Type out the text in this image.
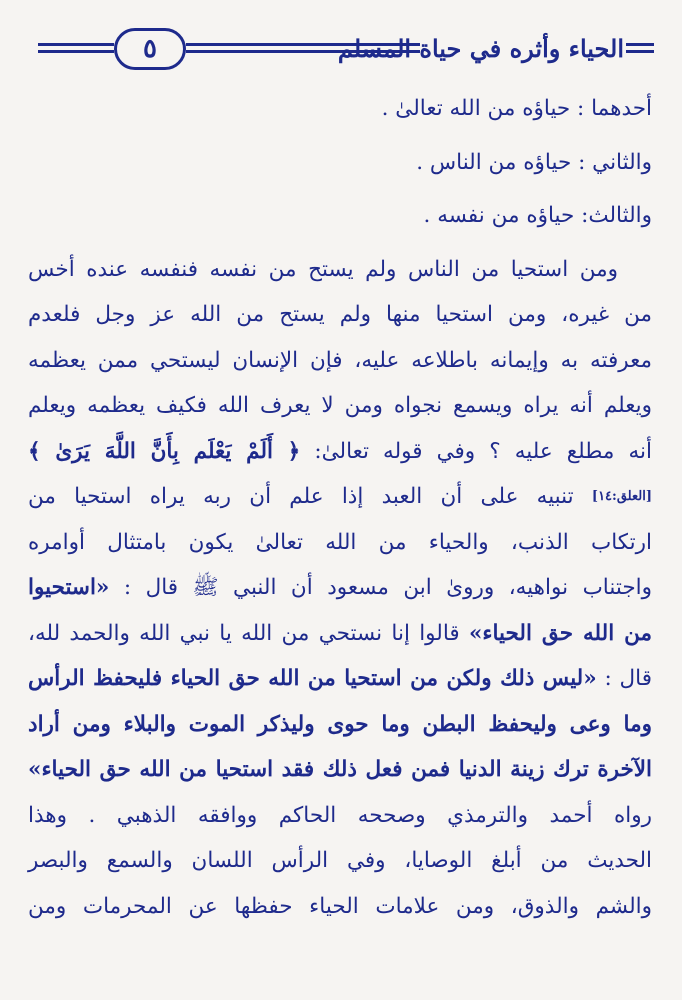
٥	الحياء وأثره في حياة المسلم
أحدهما : حياؤه من الله تعالىٰ .
والثاني : حياؤه من الناس .
والثالث: حياؤه من نفسه .
ومن استحيا من الناس ولم يستح من نفسه فنفسه عنده أخس
من غيره، ومن استحيا منها ولم يستح من الله عز وجل فلعدم
معرفته به وإيمانه باطلاعه عليه، فإن الإنسان ليستحي ممن يعظمه
ويعلم أنه يراه ويسمع نجواه ومن لا يعرف الله فكيف يعظمه ويعلم
أنه مطلع عليه ؟ وفي قوله تعالىٰ: ﴿ أَلَمْ يَعْلَم بِأَنَّ اللَّهَ يَرَىٰ ﴾
[العلق:١٤] تنبيه على أن العبد إذا علم أن ربه يراه استحيا من
ارتكاب الذنب، والحياء من الله تعالىٰ يكون بامتثال أوامره
واجتناب نواهيه، وروىٰ ابن مسعود أن النبي ﷺ قال : «استحيوا
من الله حق الحياء» قالوا إنا نستحي من الله يا نبي الله والحمد لله،
قال : «ليس ذلك ولكن من استحيا من الله حق الحياء فليحفظ الرأس
وما وعى وليحفظ البطن وما حوى وليذكر الموت والبلاء ومن أراد
الآخرة ترك زينة الدنيا فمن فعل ذلك فقد استحيا من الله حق الحياء»
رواه أحمد والترمذي وصححه الحاكم ووافقه الذهبي . وهذا
الحديث من أبلغ الوصايا، وفي الرأس اللسان والسمع والبصر
والشم والذوق، ومن علامات الحياء حفظها عن المحرمات ومن
